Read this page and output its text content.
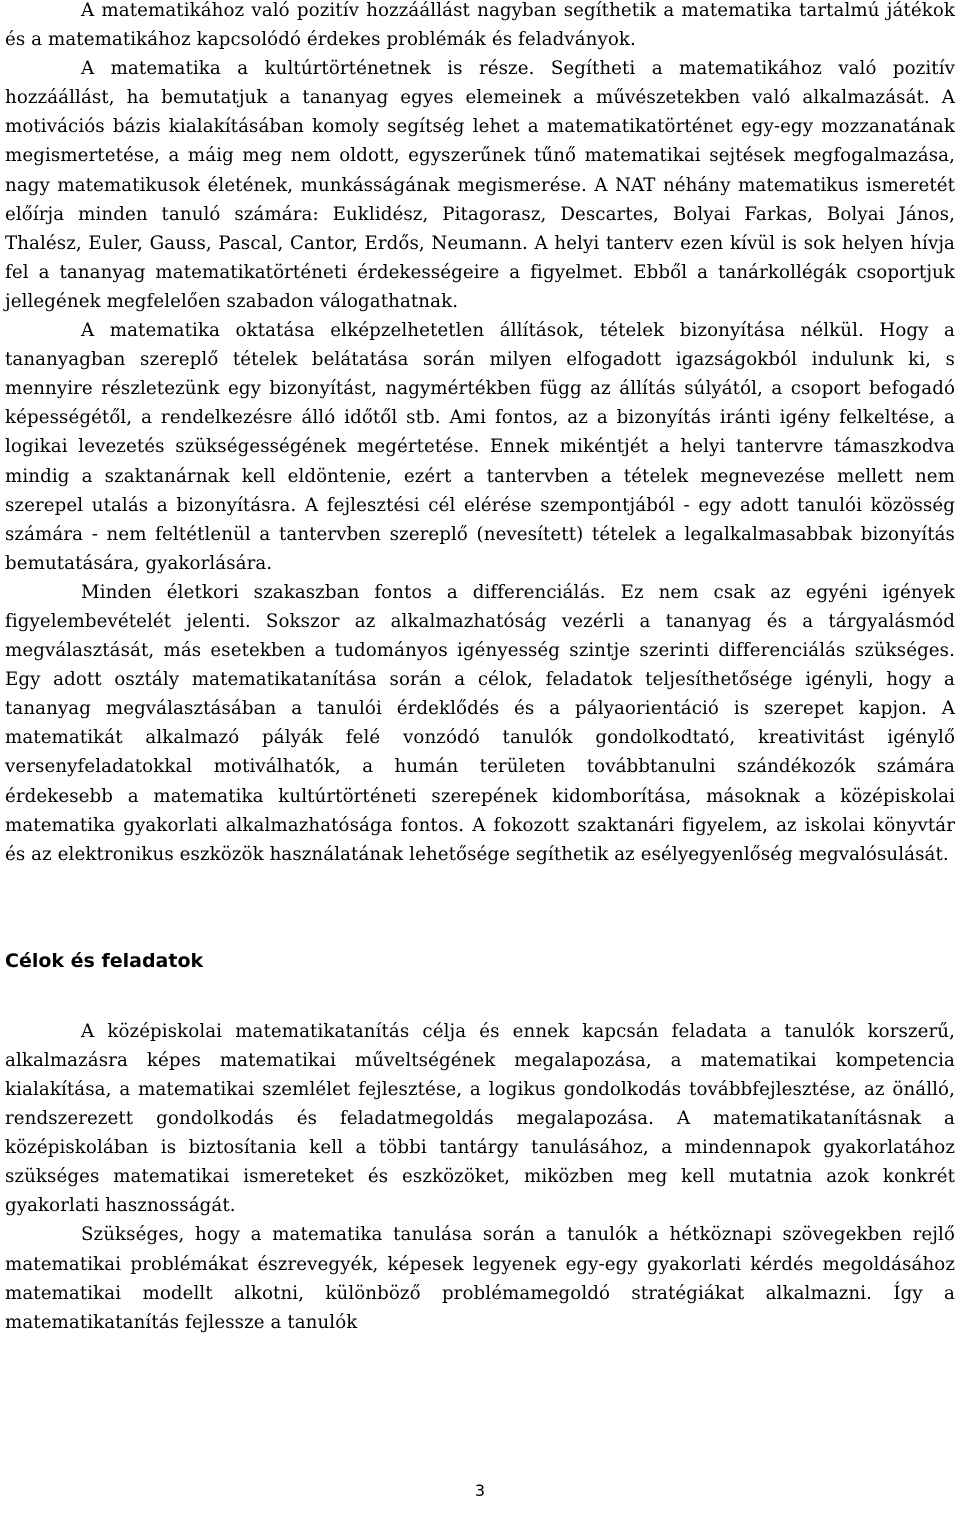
A matematikához való pozitív hozzáállást nagyban segíthetik a matematika tartalmú játékok és a matematikához kapcsolódó érdekes problémák és feladványok.

A matematika a kultúrtörténetnek is része. Segítheti a matematikához való pozitív hozzáállást, ha bemutatjuk a tananyag egyes elemeinek a művészetekben való alkalmazását. A motivációs bázis kialakításában komoly segítség lehet a matematikatörténet egy-egy mozzanatának megismertetése, a máig meg nem oldott, egyszerűnek tűnő matematikai sejtések megfogalmazása, nagy matematikusok életének, munkásságának megismerése. A NAT néhány matematikus ismeretét előírja minden tanuló számára: Euklidész, Pitagorasz, Descartes, Bolyai Farkas, Bolyai János, Thalész, Euler, Gauss, Pascal, Cantor, Erdős, Neumann. A helyi tanterv ezen kívül is sok helyen hívja fel a tananyag matematikatörténeti érdekességeire a figyelmet. Ebből a tanárkollégák csoportjuk jellegének megfelelően szabadon válogathatnak.

A matematika oktatása elképzelhetetlen állítások, tételek bizonyítása nélkül. Hogy a tananyagban szereplő tételek belátatása során milyen elfogadott igazságokból indulunk ki, s mennyire részletezünk egy bizonyítást, nagymértékben függ az állítás súlyától, a csoport befogadó képességétől, a rendelkezésre álló időtől stb. Ami fontos, az a bizonyítás iránti igény felkeltése, a logikai levezetés szükségességének megértetése. Ennek mikéntjét a helyi tantervre támaszkodva mindig a szaktanárnak kell eldöntenie, ezért a tantervben a tételek megnevezése mellett nem szerepel utalás a bizonyításra. A fejlesztési cél elérése szempontjából - egy adott tanulói közösség számára - nem feltétlenül a tantervben szereplő (nevesített) tételek a legalkalmasabbak bizonyítás bemutatására, gyakorlására.

Minden életkori szakaszban fontos a differenciálás. Ez nem csak az egyéni igények figyelembevételét jelenti. Sokszor az alkalmazhatóság vezérli a tananyag és a tárgyalásmód megválasztását, más esetekben a tudományos igényesség szintje szerinti differenciálás szükséges. Egy adott osztály matematikatanítása során a célok, feladatok teljesíthetősége igényli, hogy a tananyag megválasztásában a tanulói érdeklődés és a pályaorientáció is szerepet kapjon. A matematikát alkalmazó pályák felé vonzódó tanulók gondolkodtató, kreativitást igénylő versenyfeladatokkal motiválhatók, a humán területen továbbtanulni szándékozók számára érdekesebb a matematika kultúrtörténeti szerepének kidomborítása, másoknak a középiskolai matematika gyakorlati alkalmazhatósága fontos. A fokozott szaktanári figyelem, az iskolai könyvtár és az elektronikus eszközök használatának lehetősége segíthetik az esélyegyenlőség megvalósulását.

Célok és feladatok

A középiskolai matematikatanítás célja és ennek kapcsán feladata a tanulók korszerű, alkalmazásra képes matematikai műveltségének megalapozása, a matematikai kompetencia kialakítása, a matematikai szemlélet fejlesztése, a logikus gondolkodás továbbfejlesztése, az önálló, rendszerezett gondolkodás és feladatmegoldás megalapozása. A matematikatanításnak a középiskolában is biztosítania kell a többi tantárgy tanulásához, a mindennapok gyakorlatához szükséges matematikai ismereteket és eszközöket, miközben meg kell mutatnia azok konkrét gyakorlati hasznosságát.

Szükséges, hogy a matematika tanulása során a tanulók a hétköznapi szövegekben rejlő matematikai problémákat észrevegyék, képesek legyenek egy-egy gyakorlati kérdés megoldásához matematikai modellt alkotni, különböző problémamegoldó stratégiákat alkalmazni. Így a matematikatanítás fejlessze a tanulók

3
